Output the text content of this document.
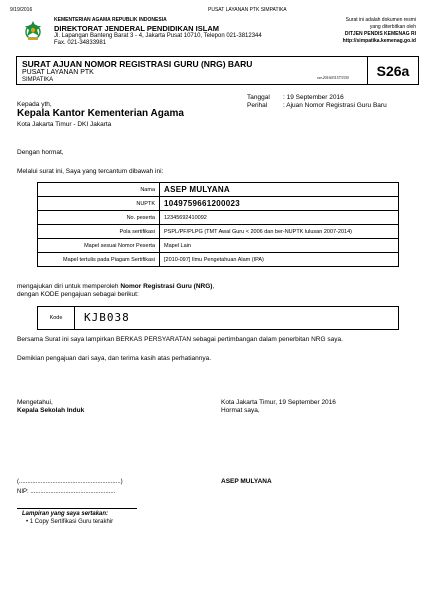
9/19/2016	PUSAT LAYANAN PTK SIMPATIKA
KEMENTERIAN AGAMA REPUBLIK INDONESIA
DIREKTORAT JENDERAL PENDIDIKAN ISLAM
Jl. Lapangan Banteng Barat 3 - 4, Jakarta Pusat 10710, Telepon 021-3812344
Fax. 021-34833981
Surat ini adalah dokumen resmi
yang diterbitkan oleh
DITJEN PENDIS KEMENAG RI
http://simpatika.kemenag.go.id
SURAT AJUAN NOMOR REGISTRASI GURU (NRG) BARU
PUSAT LAYANAN PTK
SIMPATIKA	ver.2016031573330	S26a
Tanggal : 19 September 2016
Perihal : Ajuan Nomor Registrasi Guru Baru
Kepada yth,
Kepala Kantor Kementerian Agama
Kota Jakarta Timur - DKI Jakarta
Dengan hormat,
Melalui surat ini, Saya yang tercantum dibawah ini:
Nama	ASEP MULYANA
NUPTK	1049759661200023
No. peserta	12345692410092
Pola sertifikasi	PSPL/PF/PLPG (TMT Awal Guru < 2006 dan ber-NUPTK lulusan 2007-2014)
Mapel sesuai Nomor Peserta	Mapel Lain
Mapel tertulis pada Piagam Sertifikasi	[2010-097] Ilmu Pengetahuan Alam (IPA)
mengajukan diri untuk memperoleh Nomor Registrasi Guru (NRG),
dengan KODE pengajuan sebagai berikut:
Kode	KJB038
Bersama Surat ini saya lampirkan BERKAS PERSYARATAN sebagai pertimbangan dalam penerbitan NRG saya.
Demikian pengajuan dari saya, dan terima kasih atas perhatiannya.
Mengetahui,
Kepala Sekolah Induk
Kota Jakarta Timur, 19 September 2016
Hormat saya,
(.............................................................)
NIP: ...................................................
ASEP MULYANA
Lampiran yang saya sertakan:
• 1 Copy Sertifikasi Guru terakhir
